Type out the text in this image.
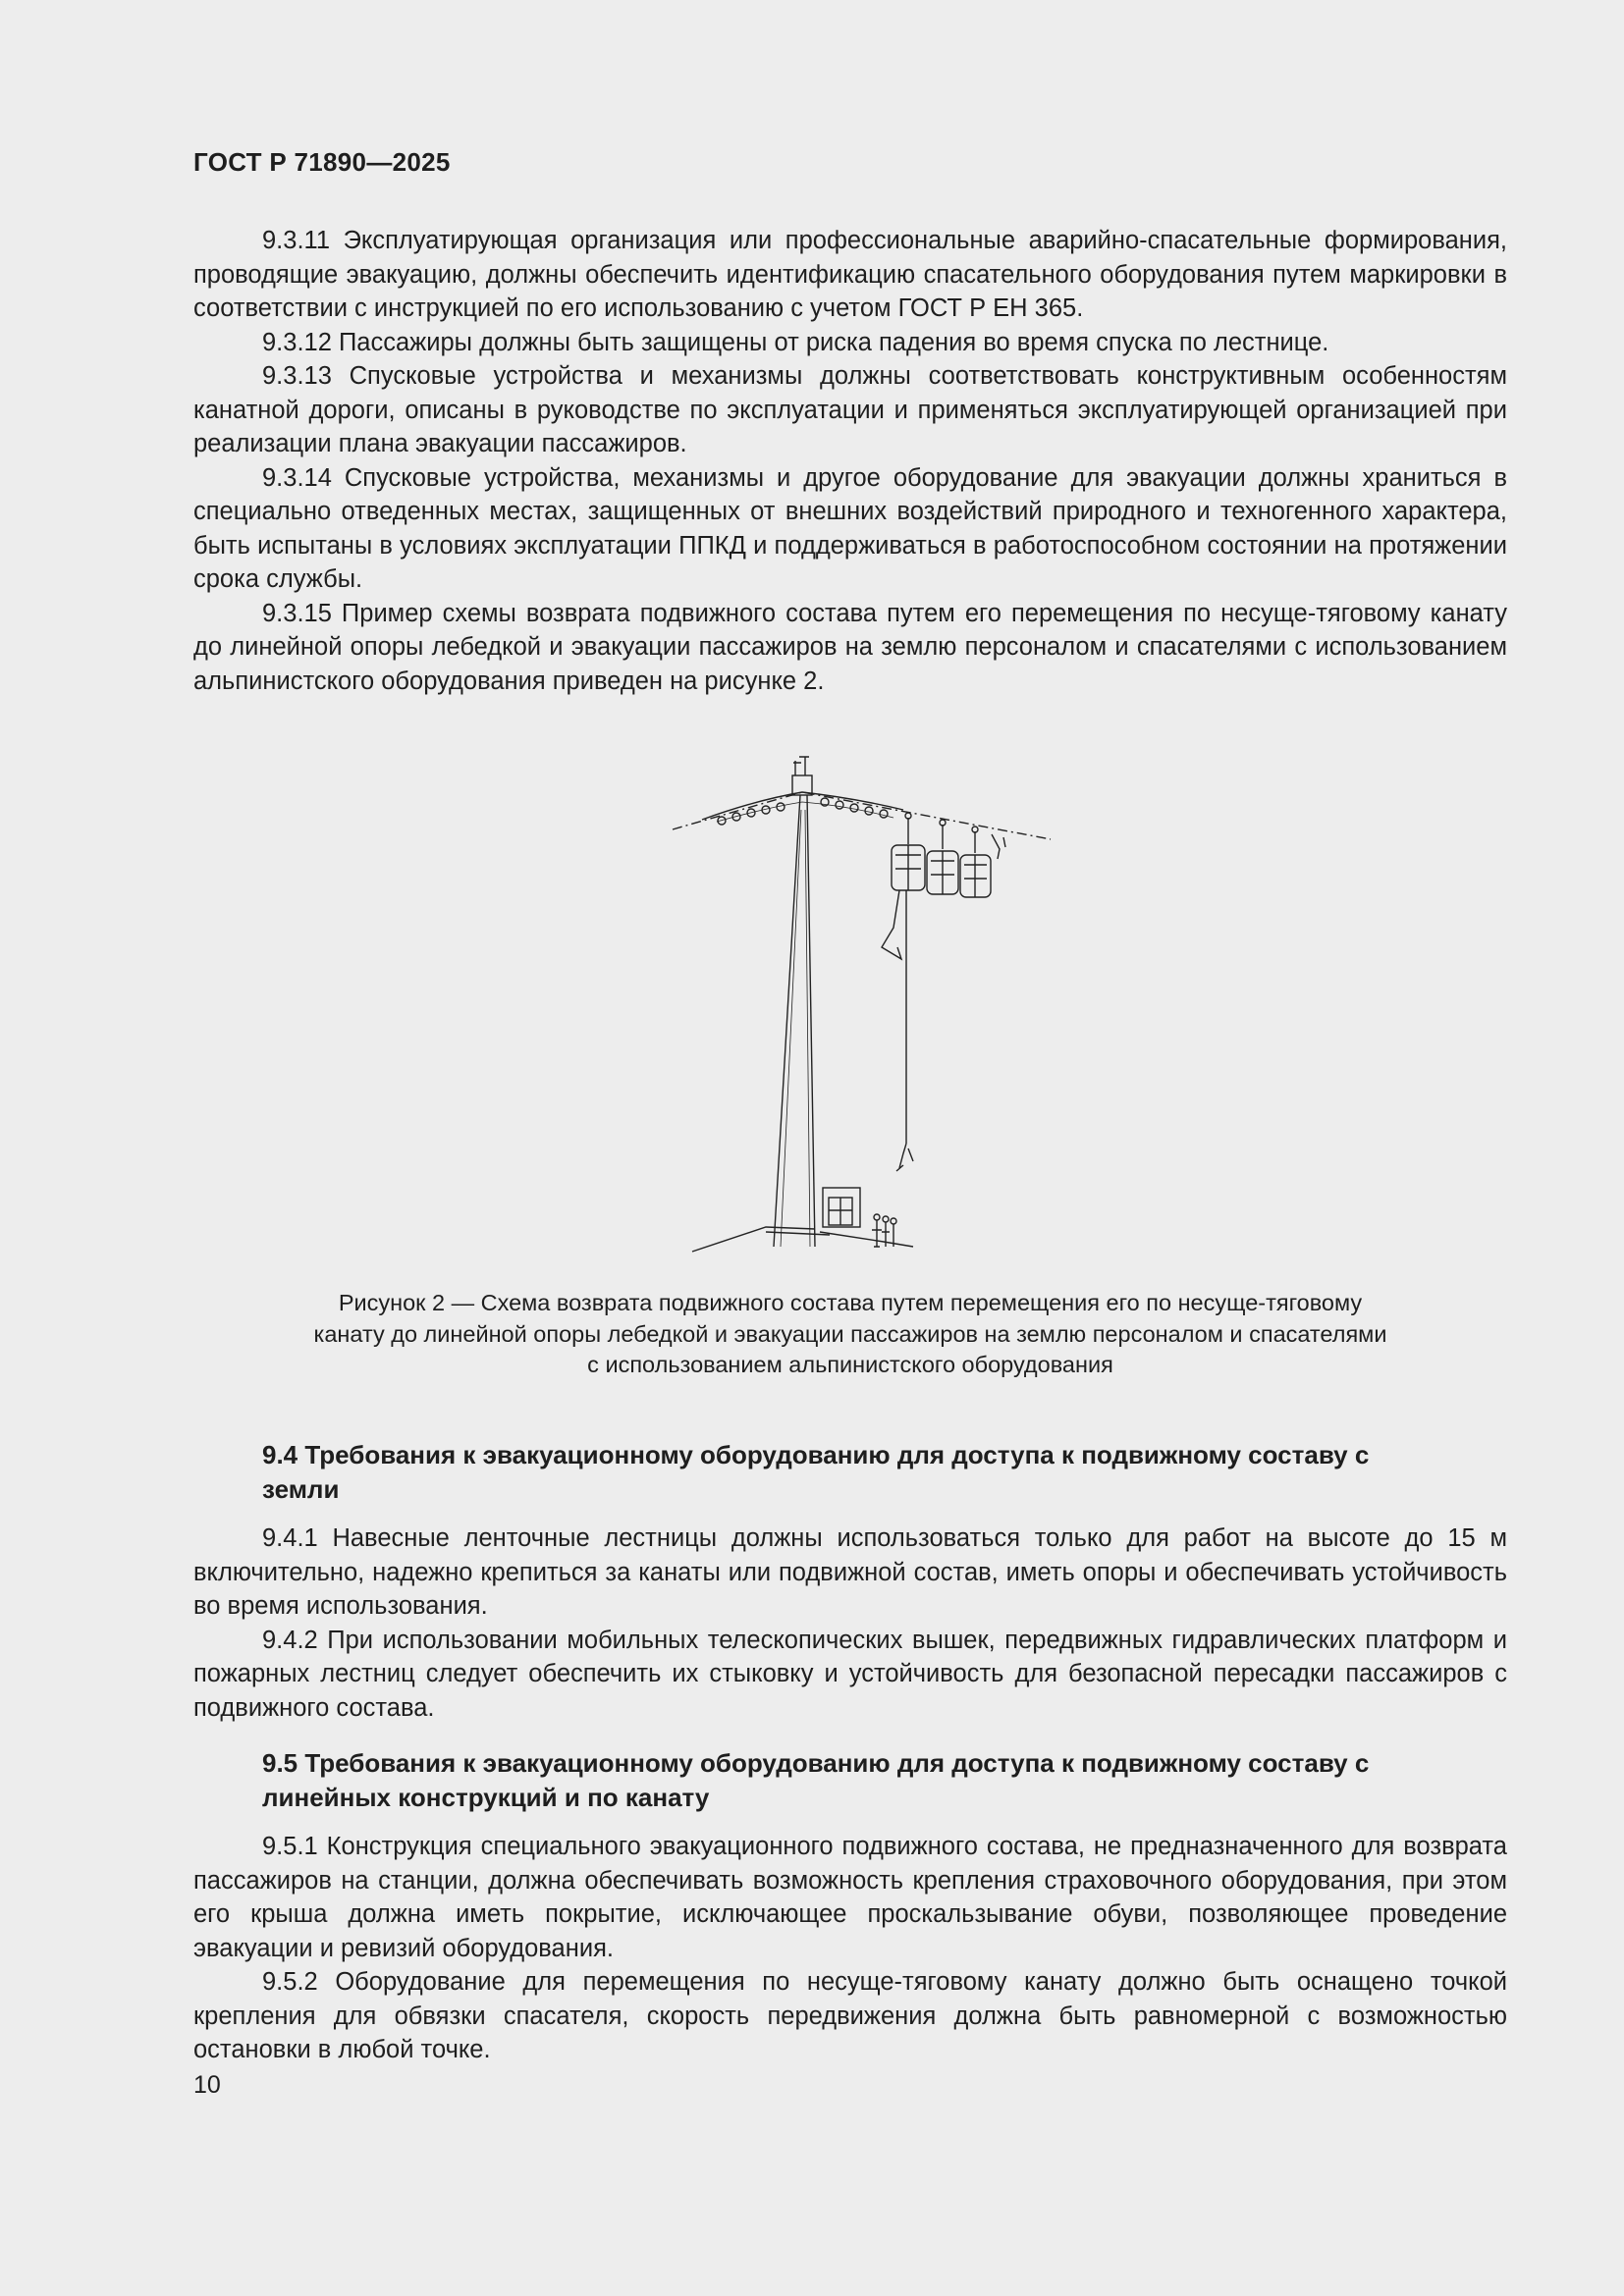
ГОСТ Р 71890—2025

9.3.11 Эксплуатирующая организация или профессиональные аварийно-спасательные формирования, проводящие эвакуацию, должны обеспечить идентификацию спасательного оборудования путем маркировки в соответствии с инструкцией по его использованию с учетом ГОСТ Р ЕН 365.

9.3.12 Пассажиры должны быть защищены от риска падения во время спуска по лестнице.

9.3.13 Спусковые устройства и механизмы должны соответствовать конструктивным особенностям канатной дороги, описаны в руководстве по эксплуатации и применяться эксплуатирующей организацией при реализации плана эвакуации пассажиров.

9.3.14 Спусковые устройства, механизмы и другое оборудование для эвакуации должны храниться в специально отведенных местах, защищенных от внешних воздействий природного и техногенного характера, быть испытаны в условиях эксплуатации ППКД и поддерживаться в работоспособном состоянии на протяжении срока службы.

9.3.15 Пример схемы возврата подвижного состава путем его перемещения по несуще-тяговому канату до линейной опоры лебедкой и эвакуации пассажиров на землю персоналом и спасателями с использованием альпинистского оборудования приведен на рисунке 2.

Рисунок 2 — Схема возврата подвижного состава путем перемещения его по несуще-тяговому
канату до линейной опоры лебедкой и эвакуации пассажиров на землю персоналом и спасателями
с использованием альпинистского оборудования

9.4 Требования к эвакуационному оборудованию для доступа к подвижному составу с земли

9.4.1 Навесные ленточные лестницы должны использоваться только для работ на высоте до 15 м включительно, надежно крепиться за канаты или подвижной состав, иметь опоры и обеспечивать устойчивость во время использования.

9.4.2 При использовании мобильных телескопических вышек, передвижных гидравлических платформ и пожарных лестниц следует обеспечить их стыковку и устойчивость для безопасной пересадки пассажиров с подвижного состава.

9.5 Требования к эвакуационному оборудованию для доступа к подвижному составу с линейных конструкций и по канату

9.5.1 Конструкция специального эвакуационного подвижного состава, не предназначенного для возврата пассажиров на станции, должна обеспечивать возможность крепления страховочного оборудования, при этом его крыша должна иметь покрытие, исключающее проскальзывание обуви, позволяющее проведение эвакуации и ревизий оборудования.

9.5.2 Оборудование для перемещения по несуще-тяговому канату должно быть оснащено точкой крепления для обвязки спасателя, скорость передвижения должна быть равномерной с возможностью остановки в любой точке.

10
